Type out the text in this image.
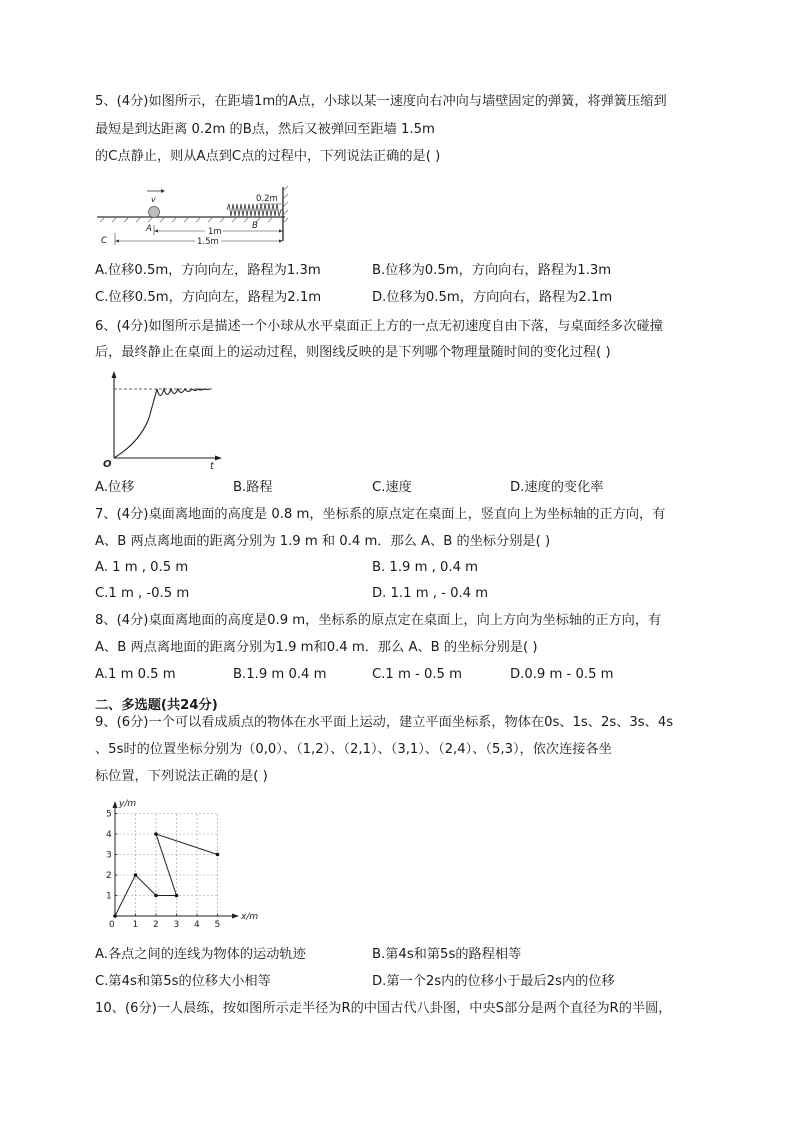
5、(4分)如图所示，在距墙1m的A点，小球以某一速度向右冲向与墙壁固定的弹簧，将弹簧压缩到
最短是到达距离 0.2m 的B点，然后又被弹回至距墙 1.5m
的C点静止，则从A点到C点的过程中，下列说法正确的是( )
v	0.2m
A	B
C
1m
1.5m
A.位移0.5m，方向向左，路程为1.3m	B.位移为0.5m，方向向右，路程为1.3m
C.位移0.5m，方向向左，路程为2.1m	D.位移为0.5m，方向向右，路程为2.1m
6、(4分)如图所示是描述一个小球从水平桌面正上方的一点无初速度自由下落，与桌面经多次碰撞
后，最终静止在桌面上的运动过程，则图线反映的是下列哪个物理量随时间的变化过程( )
O	t
A.位移	B.路程	C.速度	D.速度的变化率
7、(4分)桌面离地面的高度是 0.8 m，坐标系的原点定在桌面上，竖直向上为坐标轴的正方向，有
A、B 两点离地面的距离分别为 1.9 m 和 0.4 m．那么 A、B 的坐标分别是( )
A. 1 m , 0.5 m	B. 1.9 m , 0.4 m
C.1 m , -0.5 m	D. 1.1 m , - 0.4 m
8、(4分)桌面离地面的高度是0.9 m，坐标系的原点定在桌面上，向上方向为坐标轴的正方向，有
A、B 两点离地面的距离分别为1.9 m和0.4 m．那么 A、B 的坐标分别是( )
A.1 m 0.5 m	B.1.9 m 0.4 m	C.1 m - 0.5 m	D.0.9 m - 0.5 m
二、多选题(共24分)
9、(6分)一个可以看成质点的物体在水平面上运动，建立平面坐标系，物体在0s、1s、2s、3s、4s
、5s时的位置坐标分别为（0,0）、（1,2）、（2,1）、（3,1）、（2,4）、（5,3），依次连接各坐
标位置，下列说法正确的是( )
0 1 2 3 4 5
1
2
3
4
5
y/m
x/m
A.各点之间的连线为物体的运动轨迹	B.第4s和第5s的路程相等
C.第4s和第5s的位移大小相等	D.第一个2s内的位移小于最后2s内的位移
10、(6分)一人晨练，按如图所示走半径为R的中国古代八卦图，中央S部分是两个直径为R的半圆，
